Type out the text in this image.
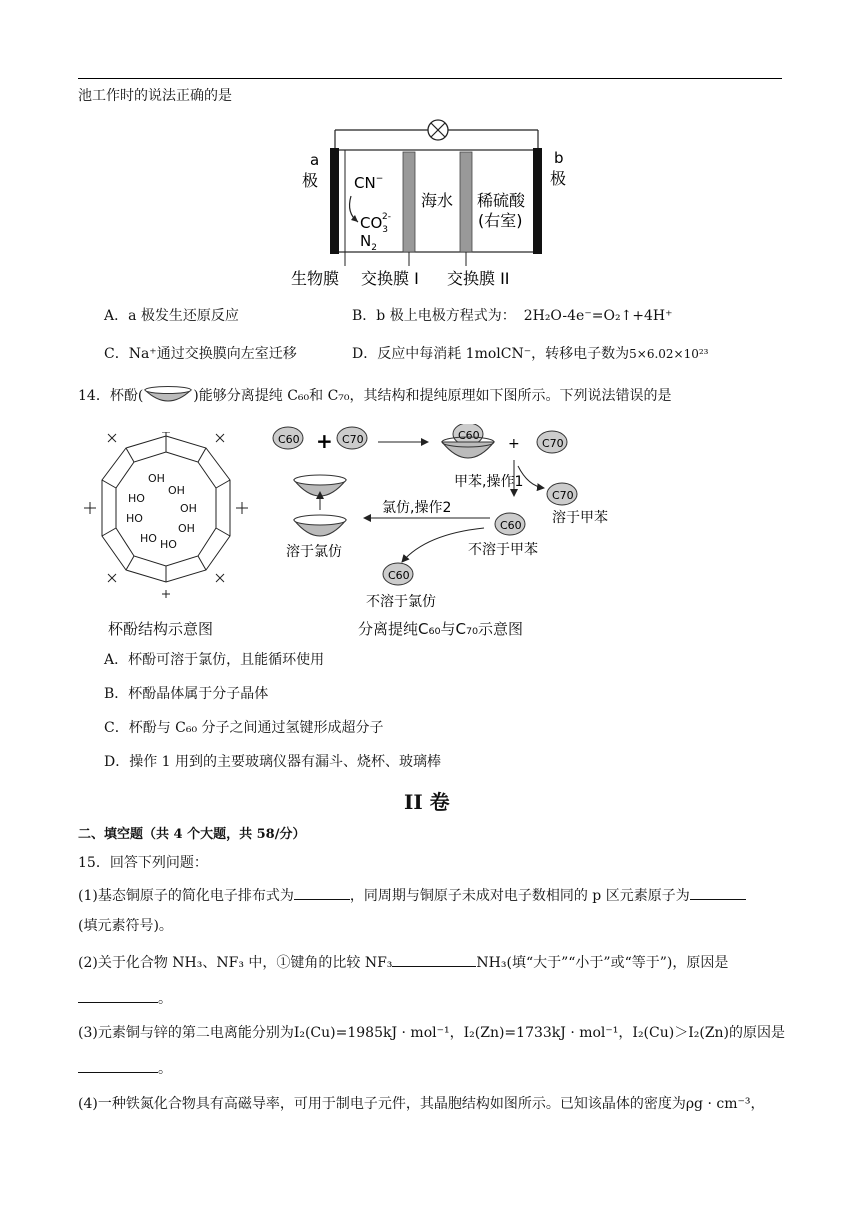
池工作时的说法正确的是
a
极
b
极
CN−
$CO_32-$
$N_2$
海水 稀硫酸
(右室)
生物膜 交换膜 I 交换膜 II
A．a 极发生还原反应	B．b 极上电极方程式为： 2H₂O-4e⁻=O₂↑+4H⁺
C．Na⁺通过交换膜向左室迁移	D．反应中每消耗 1molCN⁻，转移电子数为5×6.02×10²³
14．杯酚(	)能够分离提纯 C₆₀和 C₇₀，其结构和提纯原理如下图所示。下列说法错误的是
OH
OH
OH
OH
HO
HO
HO
HO
C60 + C70	C60
+ C70
甲苯,操作1
C70
溶于甲苯
C60
不溶于甲苯
氯仿,操作2
溶于氯仿
C60
不溶于氯仿
杯酚结构示意图	分离提纯C₆₀与C₇₀示意图
A．杯酚可溶于氯仿，且能循环使用
B．杯酚晶体属于分子晶体
C．杯酚与 C₆₀ 分子之间通过氢键形成超分子
D．操作 1 用到的主要玻璃仪器有漏斗、烧杯、玻璃棒
II 卷
二、填空题（共 4 个大题，共 58/分）
15．回答下列问题：
(1)基态铜原子的简化电子排布式为	，同周期与铜原子未成对电子数相同的 p 区元素原子为
(填元素符号)。
(2)关于化合物 NH₃、NF₃ 中，①键角的比较 NF₃	NH₃(填“大于”“小于”或“等于”)，原因是
。
(3)元素铜与锌的第二电离能分别为I₂(Cu)=1985kJ · mol⁻¹，I₂(Zn)=1733kJ · mol⁻¹，I₂(Cu)＞I₂(Zn)的原因是
。
(4)一种铁氮化合物具有高磁导率，可用于制电子元件，其晶胞结构如图所示。已知该晶体的密度为ρg · cm⁻³，
